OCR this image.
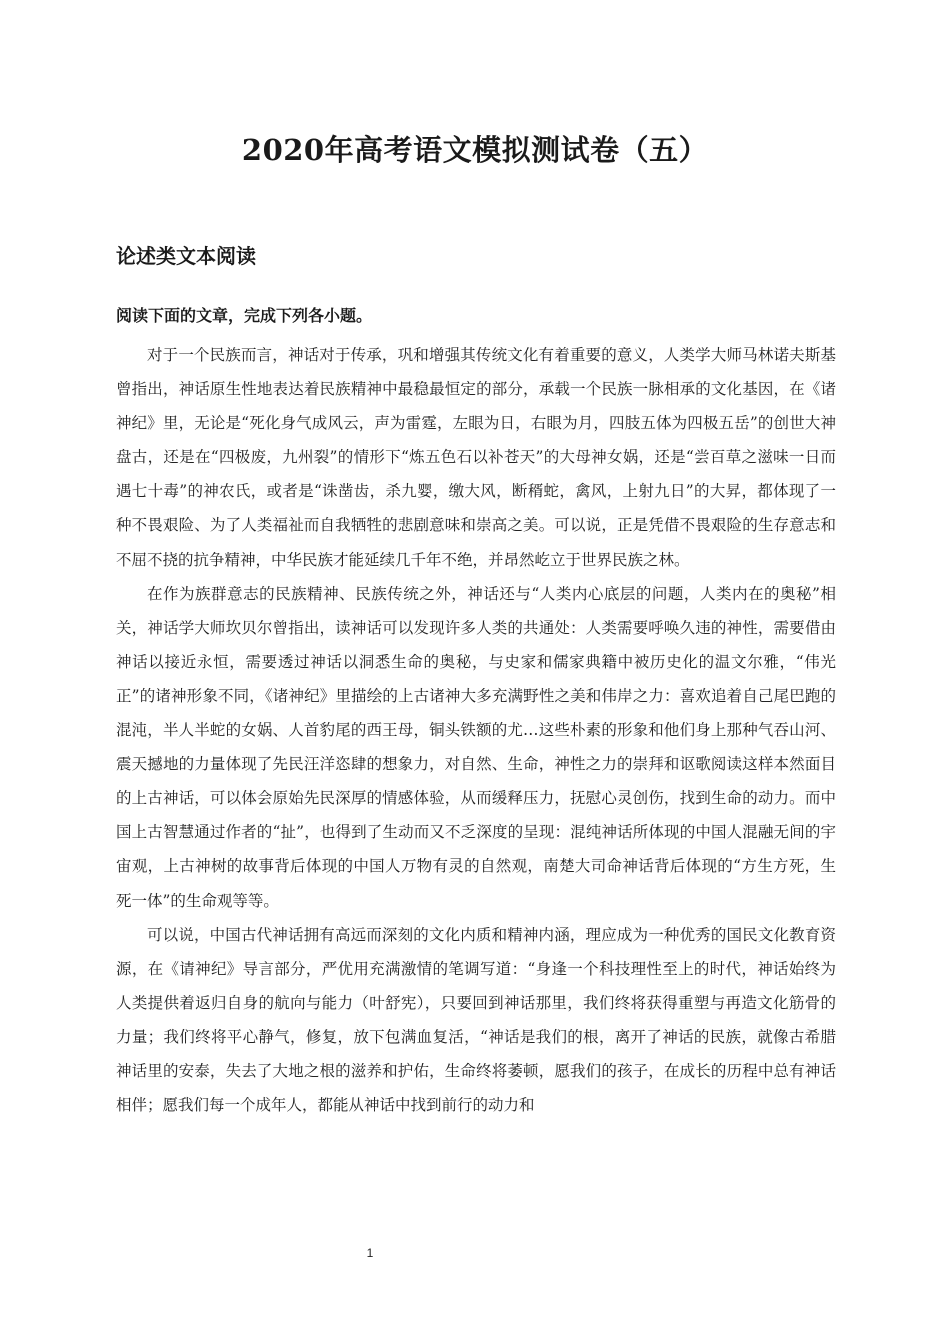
2020年高考语文模拟测试卷（五）
论述类文本阅读
阅读下面的文章，完成下列各小题。

对于一个民族而言，神话对于传承，巩和增强其传统文化有着重要的意义，人类学大师马林诺夫斯基曾指出，神话原生性地表达着民族精神中最稳最恒定的部分，承载一个民族一脉相承的文化基因，在《诸神纪》里，无论是“死化身气成风云，声为雷霆，左眼为日，右眼为月，四肢五体为四极五岳”的创世大神盘古，还是在“四极废，九州裂”的情形下“炼五色石以补苍天”的大母神女娲，还是“尝百草之滋味一日而遇七十毒”的神农氏，或者是“诛凿齿，杀九婴，缴大风，断稰蛇，禽风，上射九日”的大昇，都体现了一种不畏艰险、为了人类福祉而自我牺牲的悲剧意味和崇高之美。可以说，正是凭借不畏艰险的生存意志和不屈不挠的抗争精神，中华民族才能延续几千年不绝，并昂然屹立于世界民族之林。

在作为族群意志的民族精神、民族传统之外，神话还与“人类内心底层的问题，人类内在的奥秘”相关，神话学大师坎贝尔曾指出，读神话可以发现许多人类的共通处：人类需要呼唤久违的神性，需要借由神话以接近永恒，需要透过神话以洞悉生命的奥秘，与史家和儒家典籍中被历史化的温文尔雅，“伟光正”的诸神形象不同，《诸神纪》里描绘的上古诸神大多充满野性之美和伟岸之力：喜欢追着自己尾巴跑的混沌，半人半蛇的女娲、人首豹尾的西王母，铜头铁额的尤…这些朴素的形象和他们身上那种气吞山河、震天撼地的力量体现了先民汪洋恣肆的想象力，对自然、生命，神性之力的崇拜和讴歌阅读这样本然面目的上古神话，可以体会原始先民深厚的情感体验，从而缓释压力，抚慰心灵创伤，找到生命的动力。而中国上古智慧通过作者的“扯”，也得到了生动而又不乏深度的呈现：混纯神话所体现的中国人混融无间的宇宙观，上古神树的故事背后体现的中国人万物有灵的自然观，南楚大司命神话背后体现的“方生方死，生死一体”的生命观等等。

可以说，中国古代神话拥有高远而深刻的文化内质和精神内涵，理应成为一种优秀的国民文化教育资源，在《请神纪》导言部分，严优用充满激情的笔调写道：“身逢一个科技理性至上的时代，神话始终为人类提供着返归自身的航向与能力（叶舒宪），只要回到神话那里，我们终将获得重塑与再造文化筋骨的力量；我们终将平心静气，修复，放下包满血复活，“神话是我们的根，离开了神话的民族，就像古希腊神话里的安泰，失去了大地之根的滋养和护佑，生命终将萎顿，愿我们的孩子，在成长的历程中总有神话相伴；愿我们每一个成年人，都能从神话中找到前行的动力和

1
